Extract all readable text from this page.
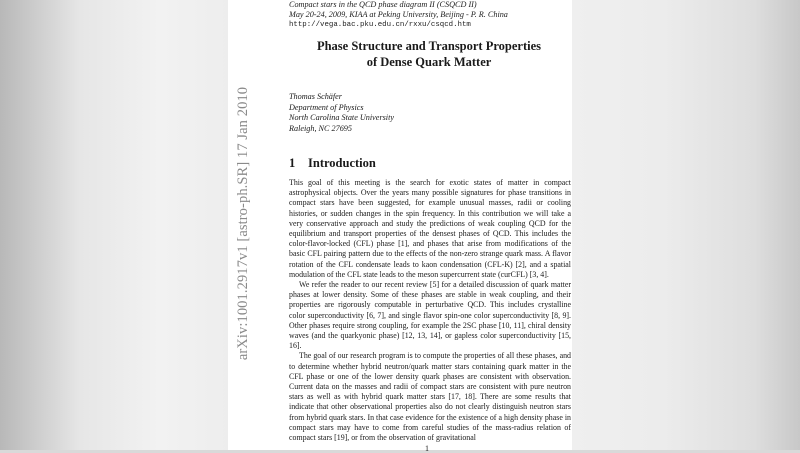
arXiv:1001.2917v1 [astro-ph.SR] 17 Jan 2010
Compact stars in the QCD phase diagram II (CSQCD II)
May 20-24, 2009, KIAA at Peking University, Beijing - P. R. China
http://vega.bac.pku.edu.cn/rxxu/csqcd.htm
Phase Structure and Transport Properties
of Dense Quark Matter
Thomas Schäfer
Department of Physics
North Carolina State University
Raleigh, NC 27695
1 Introduction

This goal of this meeting is the search for exotic states of matter in compact astrophysical objects. Over the years many possible signatures for phase transitions in compact stars have been suggested, for example unusual masses, radii or cooling histories, or sudden changes in the spin frequency. In this contribution we will take a very conservative approach and study the predictions of weak coupling QCD for the equilibrium and transport properties of the densest phases of QCD. This includes the color-flavor-locked (CFL) phase [1], and phases that arise from modifications of the basic CFL pairing pattern due to the effects of the non-zero strange quark mass. A flavor rotation of the CFL condensate leads to kaon condensation (CFL-K) [2], and a spatial modulation of the CFL state leads to the meson supercurrent state (curCFL) [3, 4].

We refer the reader to our recent review [5] for a detailed discussion of quark matter phases at lower density. Some of these phases are stable in weak coupling, and their properties are rigorously computable in perturbative QCD. This includes crystalline color superconductivity [6, 7], and single flavor spin-one color superconductivity [8, 9]. Other phases require strong coupling, for example the 2SC phase [10, 11], chiral density waves (and the quarkyonic phase) [12, 13, 14], or gapless color superconductivity [15, 16].

The goal of our research program is to compute the properties of all these phases, and to determine whether hybrid neutron/quark matter stars containing quark matter in the CFL phase or one of the lower density quark phases are consistent with observation. Current data on the masses and radii of compact stars are consistent with pure neutron stars as well as with hybrid quark matter stars [17, 18]. There are some results that indicate that other observational properties also do not clearly distinguish neutron stars from hybrid quark stars. In that case evidence for the existence of a high density phase in compact stars may have to come from careful studies of the mass-radius relation of compact stars [19], or from the observation of gravitational

1
